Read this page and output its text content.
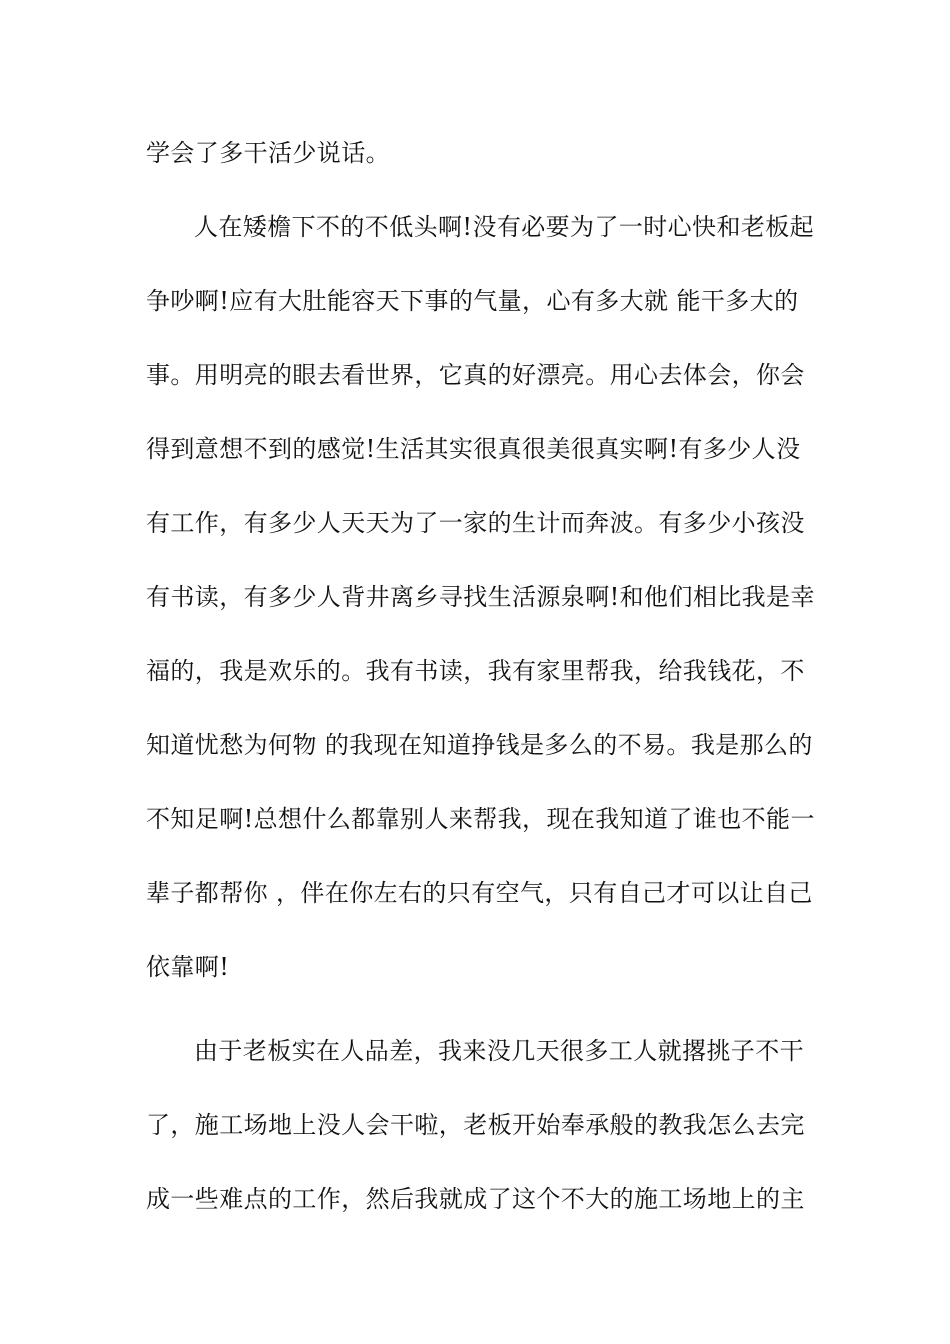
学会了多干活少说话。
人在矮檐下不的不低头啊!没有必要为了一时心快和老板起
争吵啊!应有大肚能容天下事的气量，心有多大就 能干多大的
事。用明亮的眼去看世界，它真的好漂亮。用心去体会，你会
得到意想不到的感觉!生活其实很真很美很真实啊!有多少人没
有工作，有多少人天天为了一家的生计而奔波。有多少小孩没
有书读，有多少人背井离乡寻找生活源泉啊!和他们相比我是幸
福的，我是欢乐的。我有书读，我有家里帮我，给我钱花，不
知道忧愁为何物 的我现在知道挣钱是多么的不易。我是那么的
不知足啊!总想什么都靠别人来帮我，现在我知道了谁也不能一
辈子都帮你 ，伴在你左右的只有空气，只有自己才可以让自己
依靠啊!
由于老板实在人品差，我来没几天很多工人就撂挑子不干
了，施工场地上没人会干啦，老板开始奉承般的教我怎么去完
成一些难点的工作，然后我就成了这个不大的施工场地上的主
